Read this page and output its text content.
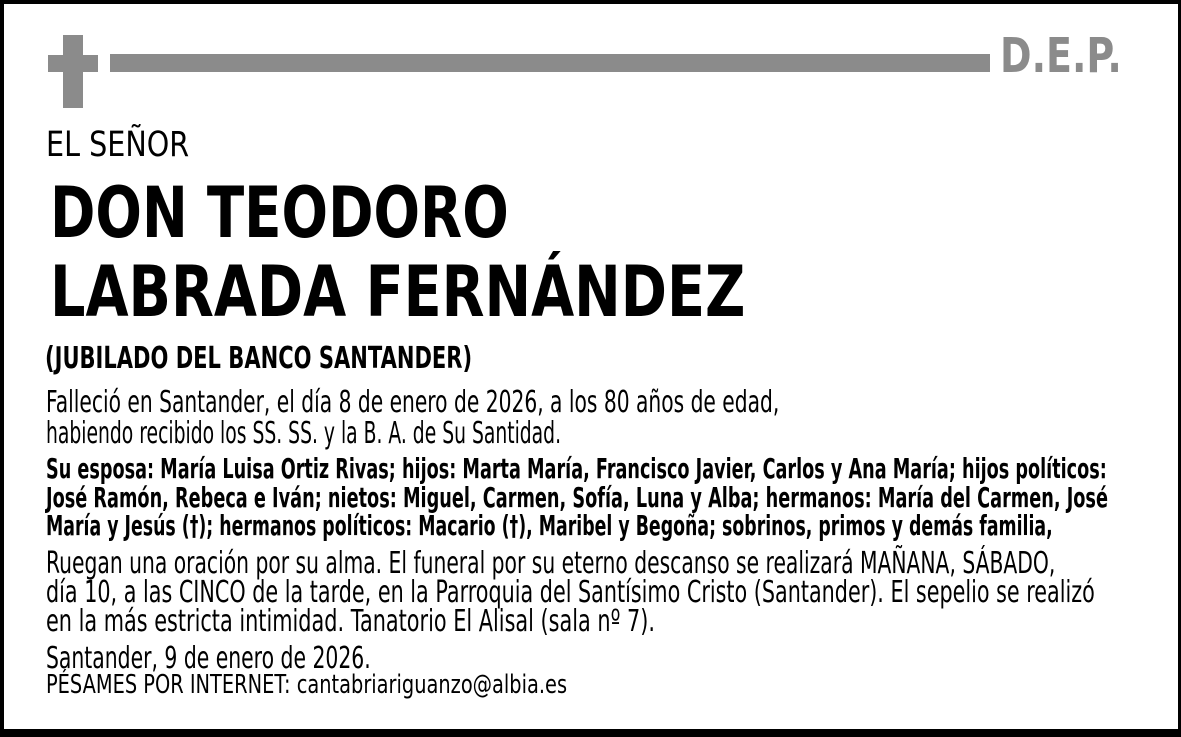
D.E.P.
EL SEÑOR
DON TEODORO
LABRADA FERNÁNDEZ
(JUBILADO DEL BANCO SANTANDER)
Falleció en Santander, el día 8 de enero de 2026, a los 80 años de edad,
habiendo recibido los SS. SS. y la B. A. de Su Santidad.
Su esposa: María Luisa Ortiz Rivas; hijos: Marta María, Francisco Javier, Carlos y Ana María; hijos políticos:
José Ramón, Rebeca e Iván; nietos: Miguel, Carmen, Sofía, Luna y Alba; hermanos: María del Carmen, José
María y Jesús (†); hermanos políticos: Macario (†), Maribel y Begoña; sobrinos, primos y demás familia,
Ruegan una oración por su alma. El funeral por su eterno descanso se realizará MAÑANA, SÁBADO,
día 10, a las CINCO de la tarde, en la Parroquia del Santísimo Cristo (Santander). El sepelio se realizó
en la más estricta intimidad. Tanatorio El Alisal (sala nº 7).
Santander, 9 de enero de 2026.
PÉSAMES POR INTERNET: cantabriariguanzo@albia.es
